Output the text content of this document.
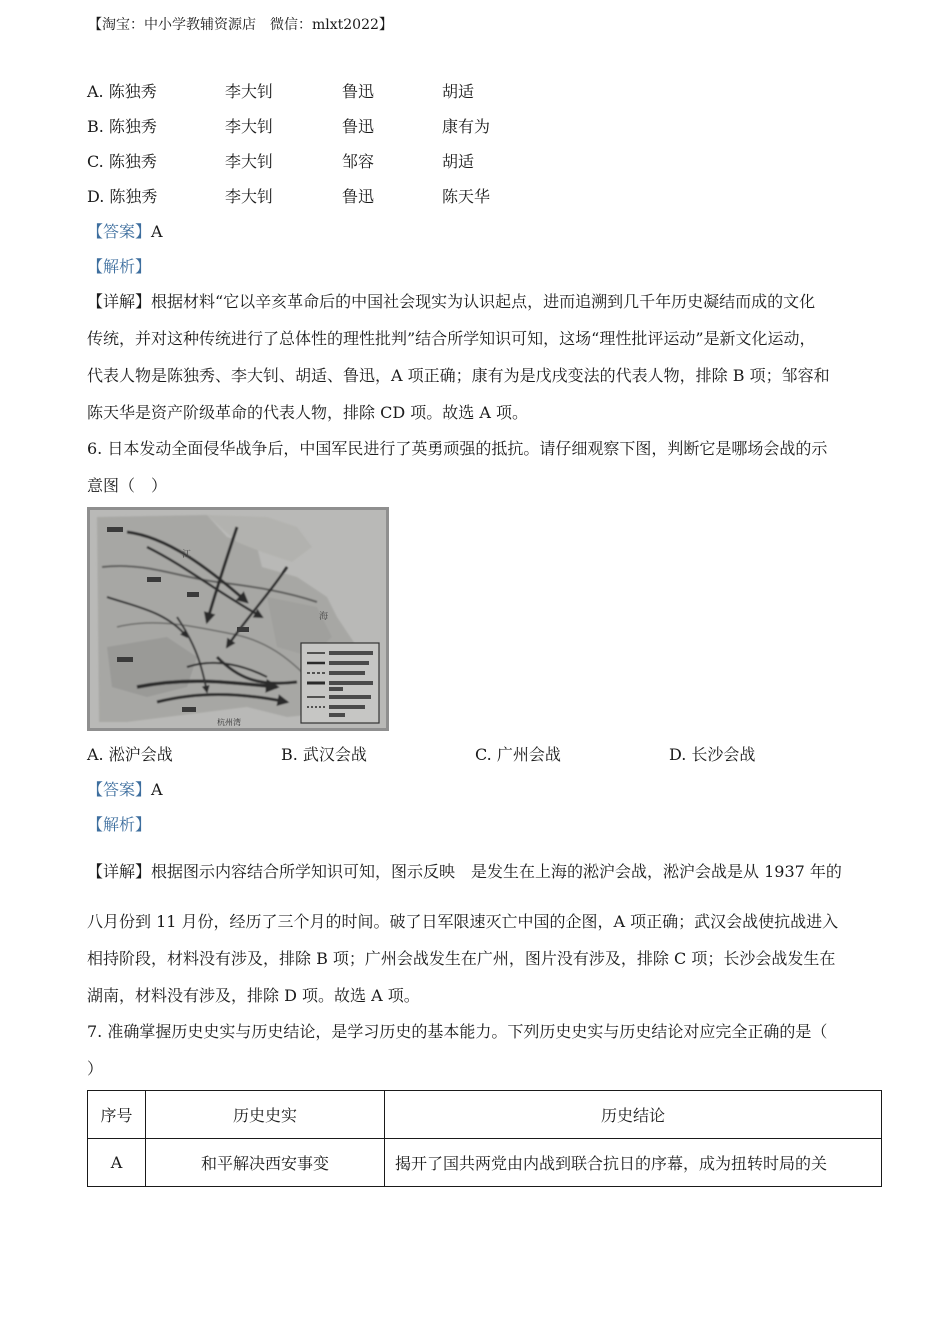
【淘宝：中小学教辅资源店　微信：mlxt2022】
A. 陈独秀	李大钊	鲁迅	胡适
B. 陈独秀	李大钊	鲁迅	康有为
C. 陈独秀	李大钊	邹容	胡适
D. 陈独秀	李大钊	鲁迅	陈天华
【答案】A
【解析】
【详解】根据材料“它以辛亥革命后的中国社会现实为认识起点，进而追溯到几千年历史凝结而成的文化
传统，并对这种传统进行了总体性的理性批判”结合所学知识可知，这场“理性批评运动”是新文化运动，
代表人物是陈独秀、李大钊、胡适、鲁迅，A 项正确；康有为是戊戌变法的代表人物，排除 B 项；邹容和
陈天华是资产阶级革命的代表人物，排除 CD 项。故选 A 项。
6. 日本发动全面侵华战争后，中国军民进行了英勇顽强的抵抗。请仔细观察下图，判断它是哪场会战的示
意图（　）
江
海
杭州湾
A. 淞沪会战	B. 武汉会战	C. 广州会战	D. 长沙会战
【答案】A
【解析】
【详解】根据图示内容结合所学知识可知，图示反映　是发生在上海的淞沪会战，淞沪会战是从 1937 年的
八月份到 11 月份，经历了三个月的时间。破了日军限速灭亡中国的企图，A 项正确；武汉会战使抗战进入
相持阶段，材料没有涉及，排除 B 项；广州会战发生在广州，图片没有涉及，排除 C 项；长沙会战发生在
湖南，材料没有涉及，排除 D 项。故选 A 项。
7. 准确掌握历史史实与历史结论，是学习历史的基本能力。下列历史史实与历史结论对应完全正确的是（
）
序号	历史史实	历史结论
A	和平解决西安事变	揭开了国共两党由内战到联合抗日的序幕，成为扭转时局的关
